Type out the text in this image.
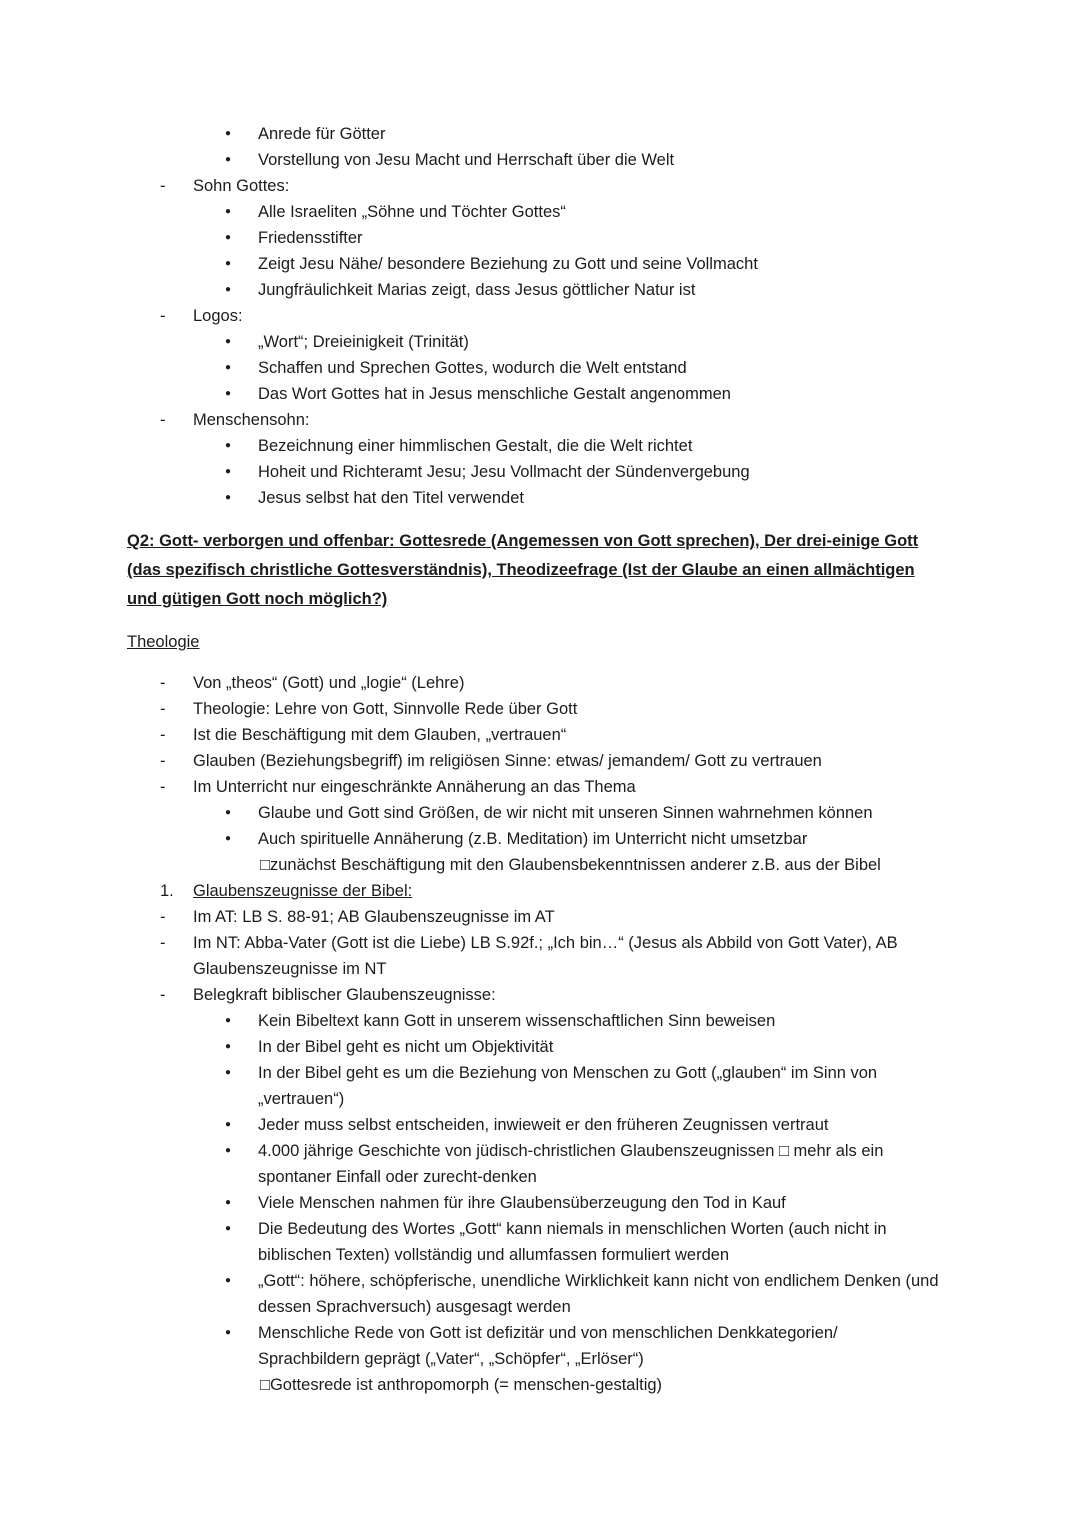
● Anrede für Götter
● Vorstellung von Jesu Macht und Herrschaft über die Welt
- Sohn Gottes:
● Alle Israeliten „Söhne und Töchter Gottes“
● Friedensstifter
● Zeigt Jesu Nähe/ besondere Beziehung zu Gott und seine Vollmacht
● Jungfräulichkeit Marias zeigt, dass Jesus göttlicher Natur ist
- Logos:
● „Wort“; Dreieinigkeit (Trinität)
● Schaffen und Sprechen Gottes, wodurch die Welt entstand
● Das Wort Gottes hat in Jesus menschliche Gestalt angenommen
- Menschensohn:
● Bezeichnung einer himmlischen Gestalt, die die Welt richtet
● Hoheit und Richteramt Jesu; Jesu Vollmacht der Sündenvergebung
● Jesus selbst hat den Titel verwendet
Q2: Gott- verborgen und offenbar: Gottesrede (Angemessen von Gott sprechen), Der drei-einige Gott (das spezifisch christliche Gottesverständnis), Theodizeefrage (Ist der Glaube an einen allmächtigen und gütigen Gott noch möglich?)
Theologie
- Von „theos“ (Gott) und „logie“ (Lehre)
- Theologie: Lehre von Gott, Sinnvolle Rede über Gott
- Ist die Beschäftigung mit dem Glauben, „vertrauen“
- Glauben (Beziehungsbegriff) im religiösen Sinne: etwas/ jemandem/ Gott zu vertrauen
- Im Unterricht nur eingeschränkte Annäherung an das Thema
● Glaube und Gott sind Größen, de wir nicht mit unseren Sinnen wahrnehmen können
● Auch spirituelle Annäherung (z.B. Meditation) im Unterricht nicht umsetzbar
□zunächst Beschäftigung mit den Glaubensbekenntnissen anderer z.B. aus der Bibel
1. Glaubenszeugnisse der Bibel:
- Im AT: LB S. 88-91; AB Glaubenszeugnisse im AT
- Im NT: Abba-Vater (Gott ist die Liebe) LB S.92f.; „Ich bin…“ (Jesus als Abbild von Gott Vater), AB Glaubenszeugnisse im NT
- Belegkraft biblischer Glaubenszeugnisse:
● Kein Bibeltext kann Gott in unserem wissenschaftlichen Sinn beweisen
● In der Bibel geht es nicht um Objektivität
● In der Bibel geht es um die Beziehung von Menschen zu Gott („glauben“ im Sinn von „vertrauen“)
● Jeder muss selbst entscheiden, inwieweit er den früheren Zeugnissen vertraut
● 4.000 jährige Geschichte von jüdisch-christlichen Glaubenszeugnissen □ mehr als ein spontaner Einfall oder zurecht-denken
● Viele Menschen nahmen für ihre Glaubensüberzeugung den Tod in Kauf
● Die Bedeutung des Wortes „Gott“ kann niemals in menschlichen Worten (auch nicht in biblischen Texten) vollständig und allumfassen formuliert werden
● „Gott“: höhere, schöpferische, unendliche Wirklichkeit kann nicht von endlichem Denken (und dessen Sprachversuch) ausgesagt werden
● Menschliche Rede von Gott ist defizitär und von menschlichen Denkkategorien/ Sprachbildern geprägt („Vater“, „Schöpfer“, „Erlöser“)
□Gottesrede ist anthropomorph (= menschen-gestaltig)
